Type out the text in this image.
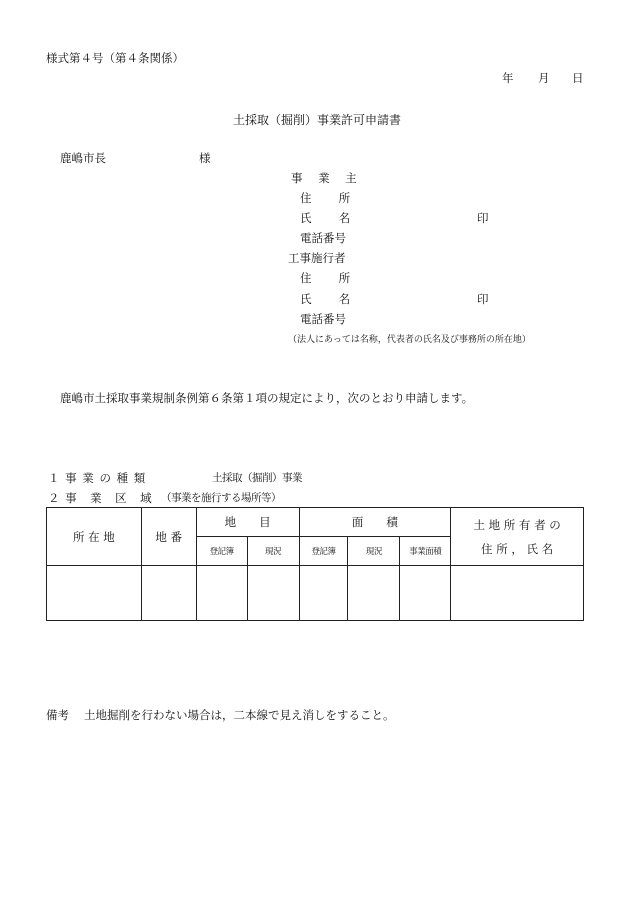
様式第４号（第４条関係）
年 月 日
土採取（掘削）事業許可申請書
鹿嶋市長	様
事 業 主
住　 所
氏　 名	印
電話番号
工事施行者
住　 所
氏　 名	印
電話番号
（法人にあっては名称，代表者の氏名及び事務所の所在地）
鹿嶋市土採取事業規制条例第６条第１項の規定により，次のとおり申請します。
１ 事 業 の 種 類	土採取（掘削）事業
２ 事　業　区　域 （事業を施行する場所等）
所 在 地	地 番	地　　目		面　　積			土 地 所 有 者 の
住 所 ， 氏 名

		登記簿	現況	登記簿	現況	事業面積	

備考 土地掘削を行わない場合は，二本線で見え消しをすること。
